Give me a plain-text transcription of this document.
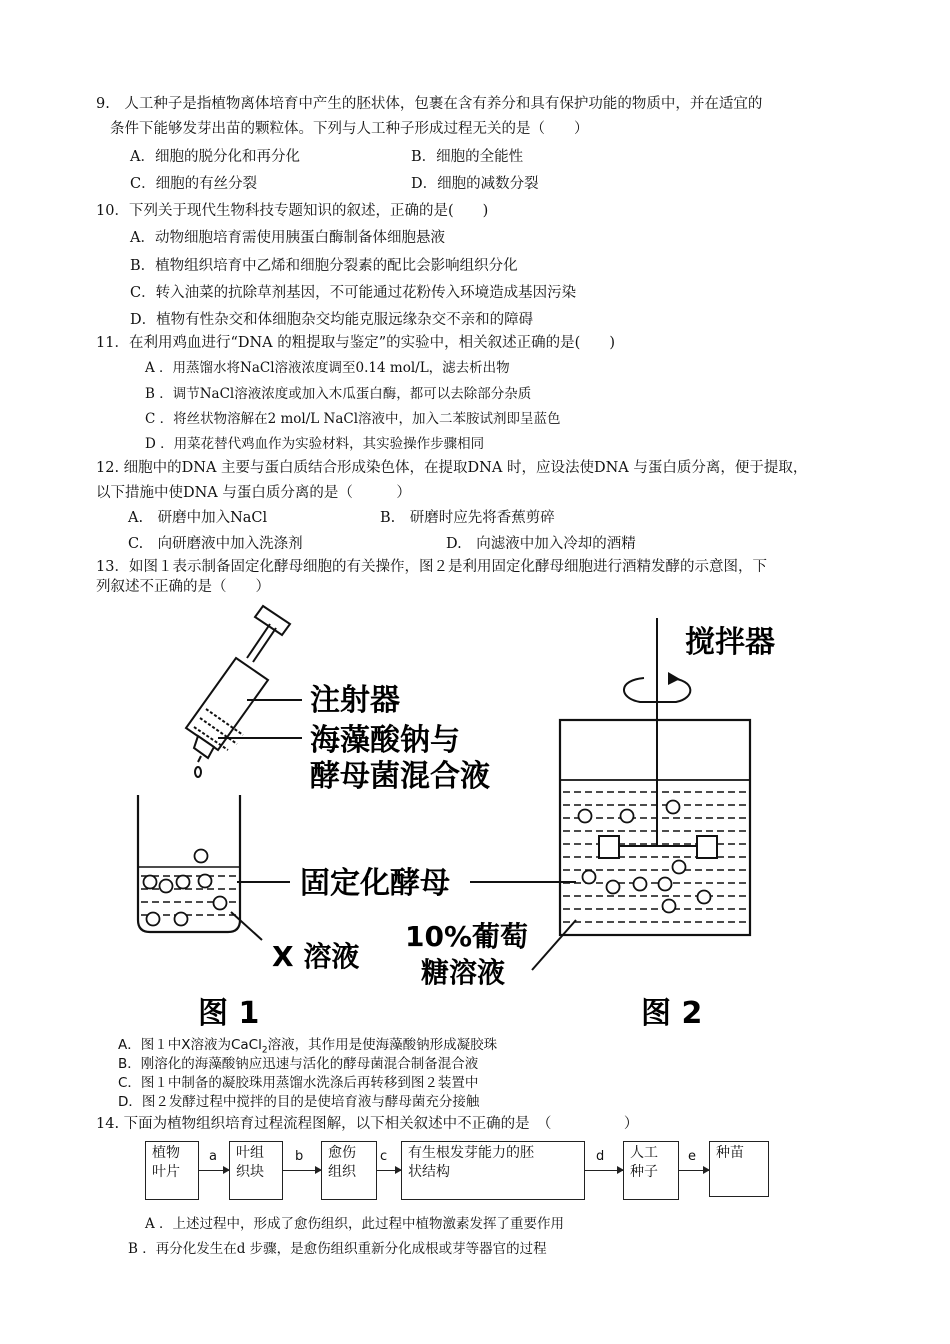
9.　人工种子是指植物离体培育中产生的胚状体，包裹在含有养分和具有保护功能的物质中，并在适宜的
条件下能够发芽出苗的颗粒体。下列与人工种子形成过程无关的是（　　）
A．细胞的脱分化和再分化	B．细胞的全能性
C．细胞的有丝分裂	D．细胞的减数分裂
10．下列关于现代生物科技专题知识的叙述，正确的是(　　)
A．动物细胞培育需使用胰蛋白酶制备体细胞悬液
B．植物组织培育中乙烯和细胞分裂素的配比会影响组织分化
C．转入油菜的抗除草剂基因，不可能通过花粉传入环境造成基因污染
D．植物有性杂交和体细胞杂交均能克服远缘杂交不亲和的障碍
11．在利用鸡血进行“DNA 的粗提取与鉴定”的实验中，相关叙述正确的是(　　)
A ．用蒸馏水将NaCl溶液浓度调至0.14 mol/L，滤去析出物
B ．调节NaCl溶液浓度或加入木瓜蛋白酶，都可以去除部分杂质
C ．将丝状物溶解在2 mol/L NaCl溶液中，加入二苯胺试剂即呈蓝色
D ．用菜花替代鸡血作为实验材料，其实验操作步骤相同
12. 细胞中的DNA 主要与蛋白质结合形成染色体，在提取DNA 时，应设法使DNA 与蛋白质分离，便于提取，
以下措施中使DNA 与蛋白质分离的是（　　　）
A.　研磨中加入NaCl	B.　研磨时应先将香蕉剪碎
C.　向研磨液中加入洗涤剂	D.　向滤液中加入冷却的酒精
13．如图１表示制备固定化酵母细胞的有关操作，图２是利用固定化酵母细胞进行酒精发酵的示意图，下
列叙述不正确的是（　　）
注射器
海藻酸钠与
酵母菌混合液
搅拌器
固定化酵母
X 溶液
10%葡萄
糖溶液
图 1	图 2
A．图１中X溶液为CaCl$_2$溶液，其作用是使海藻酸钠形成凝胶珠
B．刚溶化的海藻酸钠应迅速与活化的酵母菌混合制备混合液
C．图１中制备的凝胶珠用蒸馏水洗涤后再转移到图２装置中
D．图２发酵过程中搅拌的目的是使培育液与酵母菌充分接触
14. 下面为植物组织培育过程流程图解，以下相关叙述中不正确的是　（　　　　　）
植物
叶片
a 叶组
织块
b 愈伤
组织
c 有生根发芽能力的胚
状结构
d 人工
种子
e 种苗
A ．上述过程中，形成了愈伤组织，此过程中植物激素发挥了重要作用
B ．再分化发生在d 步骤，是愈伤组织重新分化成根或芽等器官的过程
